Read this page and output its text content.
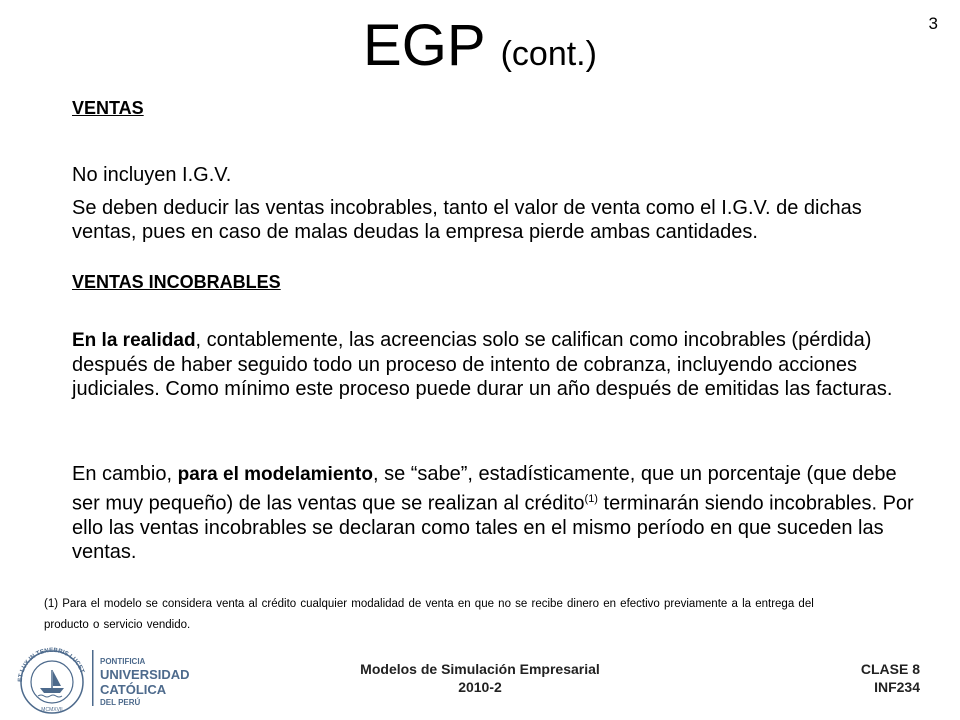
EGP (cont.)
3
VENTAS
No incluyen I.G.V.
Se deben deducir las ventas incobrables, tanto el valor de venta como el I.G.V. de dichas ventas, pues en caso de malas deudas la empresa pierde ambas cantidades.
VENTAS INCOBRABLES
En la realidad, contablemente, las acreencias solo se califican como incobrables (pérdida) después de haber seguido todo un proceso de intento de cobranza, incluyendo acciones judiciales. Como mínimo este proceso puede durar un año después de emitidas las facturas.
En cambio, para el modelamiento, se “sabe”, estadísticamente, que un porcentaje (que debe ser muy pequeño) de las ventas que se realizan al crédito$^{(1)}$ terminarán siendo incobrables. Por ello las ventas incobrables se declaran como tales en el mismo período en que suceden las ventas.
(1) Para el modelo se considera venta al crédito cualquier modalidad de venta en que no se recibe dinero en efectivo previamente a la entrega del producto o servicio vendido.
ET LUX IN TENEBRIS LUCET
MCMXVII
PONTIFICIA
UNIVERSIDAD
CATÓLICA
DEL PERÚ
Modelos de Simulación Empresarial
2010-2
CLASE 8
INF234
